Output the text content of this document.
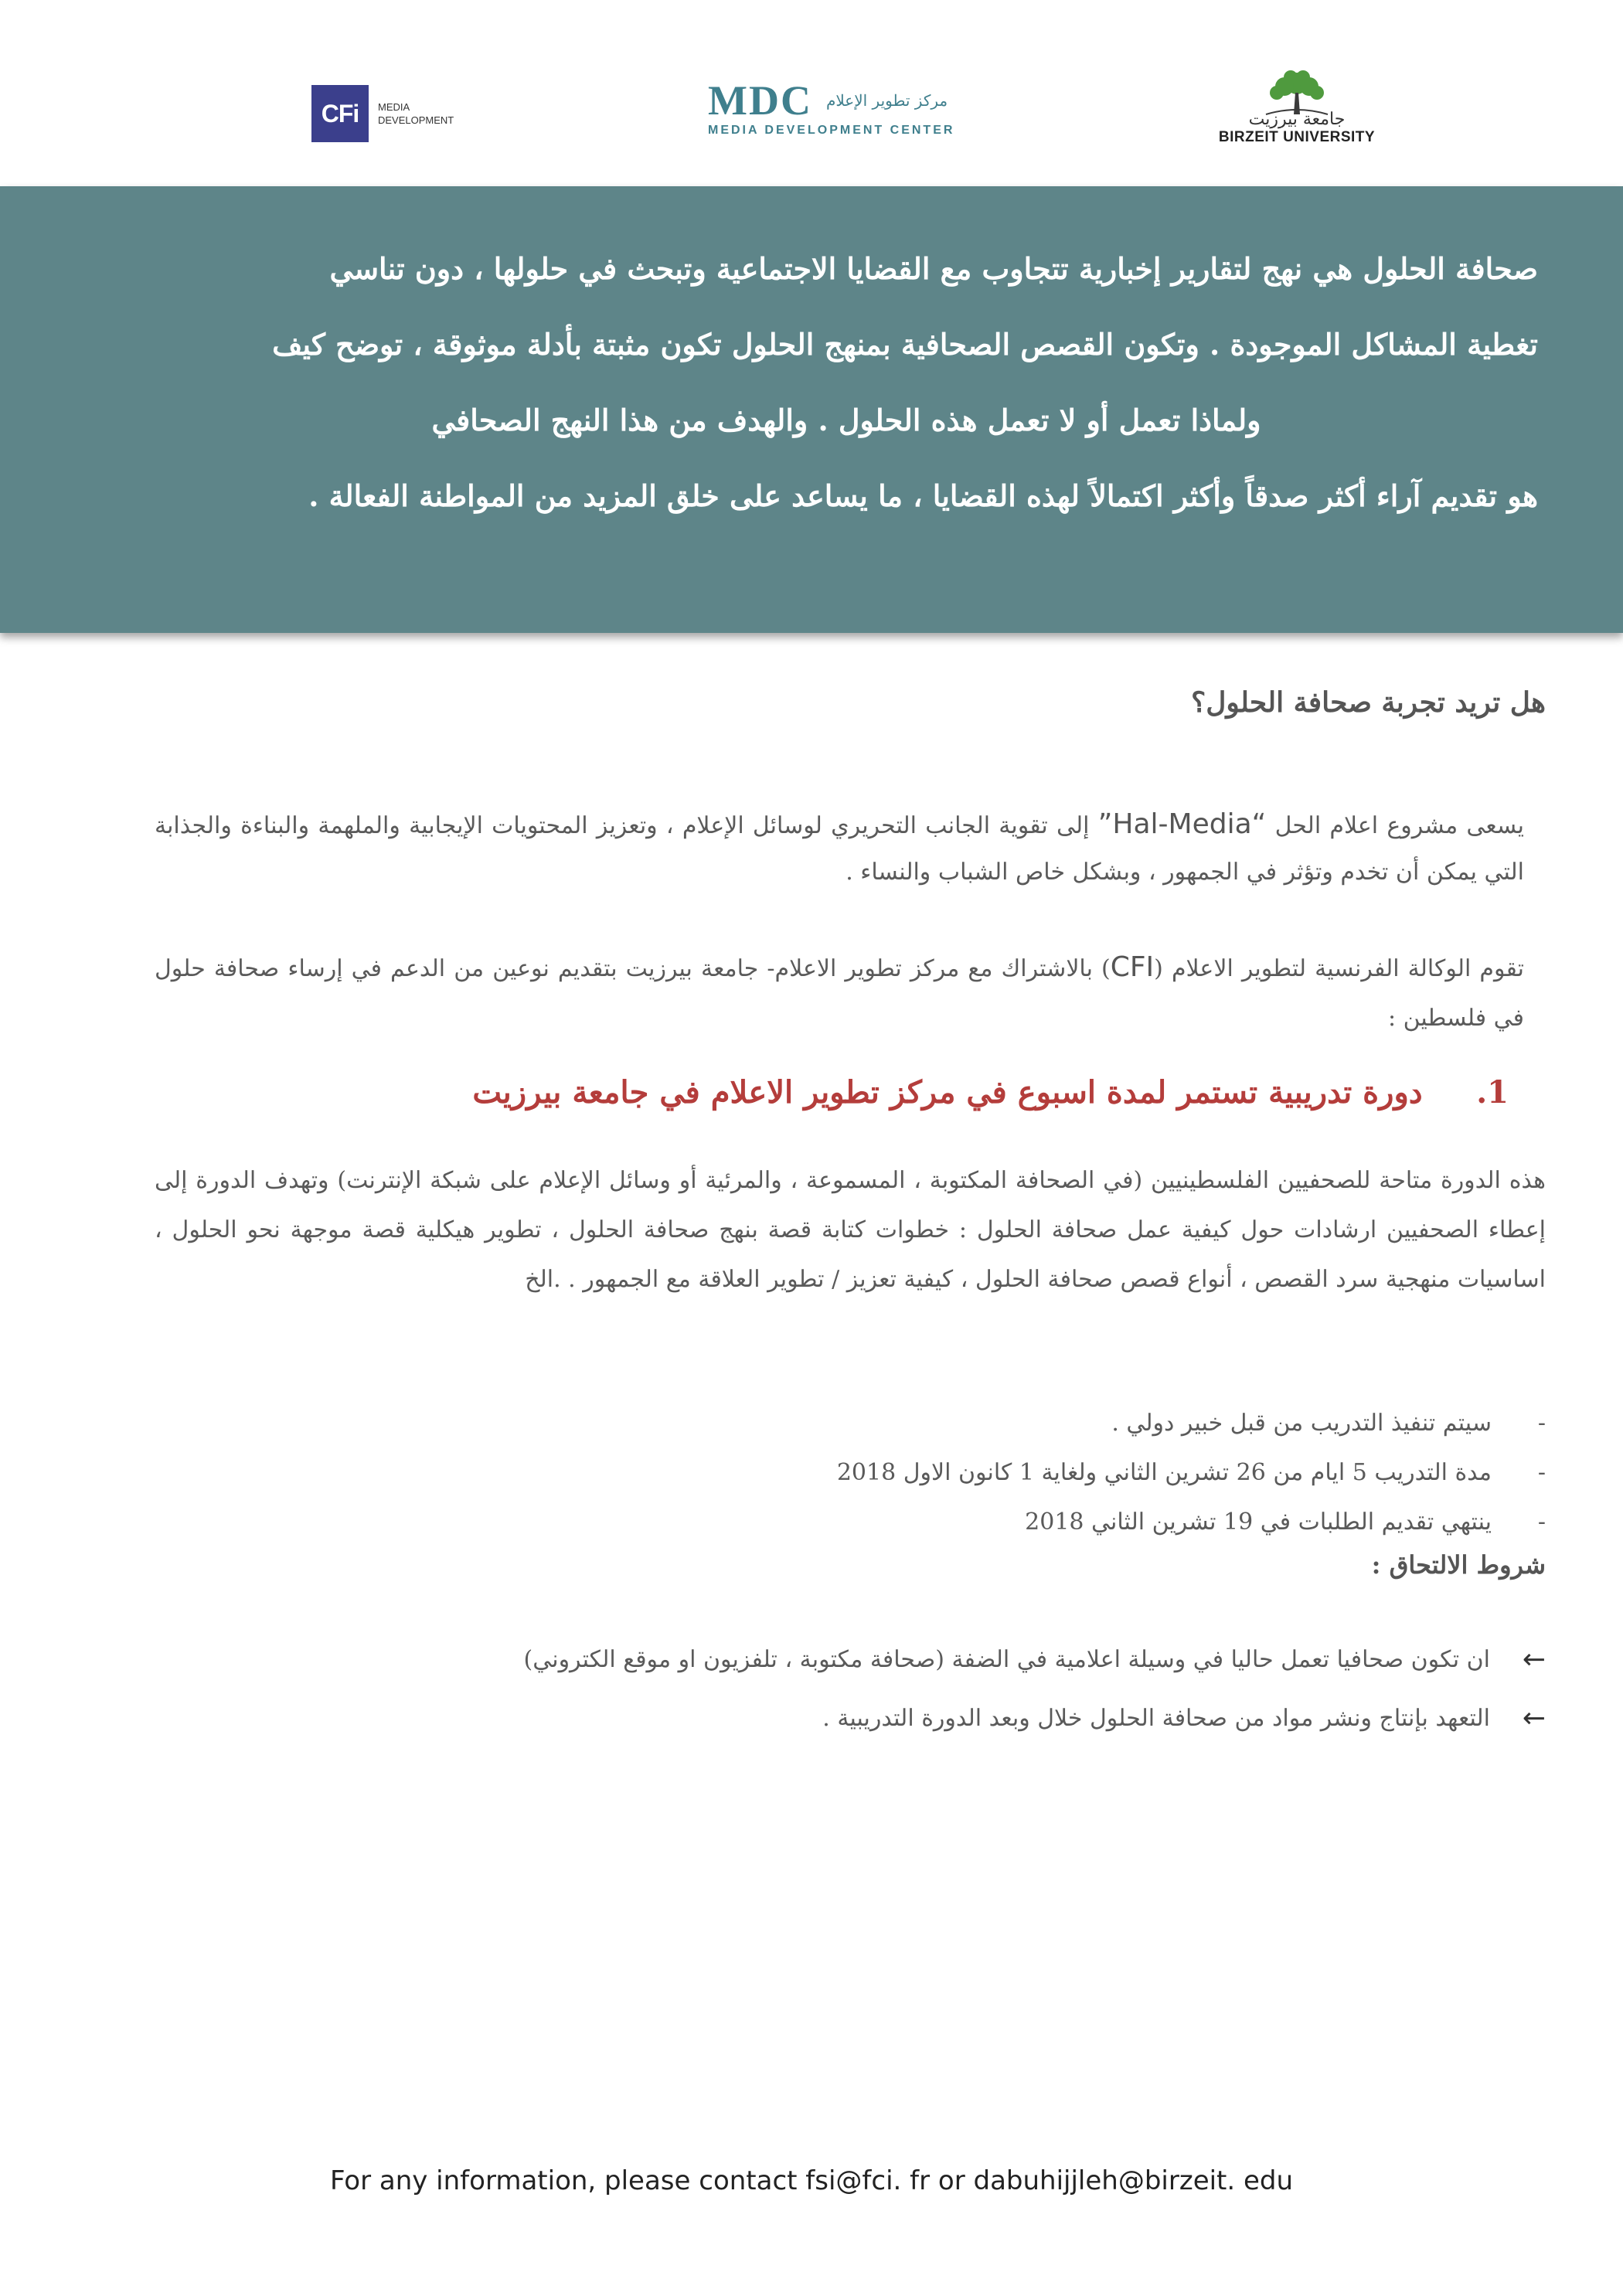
CFi	MEDIA
DEVELOPMENT	MDC مركز تطوير الإعلام
MEDIA DEVELOPMENT CENTER
جامعة بيرزيت
BIRZEIT UNIVERSITY
صحافة الحلول هي نهج لتقارير إخبارية تتجاوب مع القضايا الاجتماعية وتبحث في حلولها ، دون تناسي
تغطية المشاكل الموجودة . وتكون القصص الصحافية بمنهج الحلول تكون مثبتة بأدلة موثوقة ، توضح كيف
ولماذا تعمل أو لا تعمل هذه الحلول . والهدف من هذا النهج الصحافي
هو تقديم آراء أكثر صدقاً وأكثر اكتمالاً لهذه القضايا ، ما يساعد على خلق المزيد من المواطنة الفعالة .
هل تريد تجربة صحافة الحلول؟
يسعى مشروع اعلام الحل “Hal-Media” إلى تقوية الجانب التحريري لوسائل الإعلام ، وتعزيز المحتويات الإيجابية والملهمة والبناءة والجذابة التي يمكن أن تخدم وتؤثر في الجمهور ، وبشكل خاص الشباب والنساء .
تقوم الوكالة الفرنسية لتطوير الاعلام (CFI) بالاشتراك مع مركز تطوير الاعلام- جامعة بيرزيت بتقديم نوعين من الدعم في إرساء صحافة حلول في فلسطين :
1.     دورة تدريبية تستمر لمدة اسبوع في مركز تطوير الاعلام في جامعة بيرزيت
هذه الدورة متاحة للصحفيين الفلسطينيين (في الصحافة المكتوبة ، المسموعة ، والمرئية أو وسائل الإعلام على شبكة الإنترنت) وتهدف الدورة إلى إعطاء الصحفيين ارشادات حول كيفية عمل صحافة الحلول : خطوات كتابة قصة بنهج صحافة الحلول ، تطوير هيكلية قصة موجهة نحو الحلول ، اساسيات منهجية سرد القصص ، أنواع قصص صحافة الحلول ، كيفية تعزيز / تطوير العلاقة مع الجمهور . .الخ
- سيتم تنفيذ التدريب من قبل خبير دولي .
- مدة التدريب 5 ايام من 26 تشرين الثاني ولغاية 1 كانون الاول 2018
- ينتهي تقديم الطلبات في 19 تشرين الثاني 2018
شروط الالتحاق :
←
ان تكون صحافيا تعمل حاليا في وسيلة اعلامية في الضفة (صحافة مكتوبة ، تلفزيون او موقع الكتروني)
←
التعهد بإنتاج ونشر مواد من صحافة الحلول خلال وبعد الدورة التدريبية .
For any information, please contact fsi@fci. fr or dabuhijjleh@birzeit. edu
